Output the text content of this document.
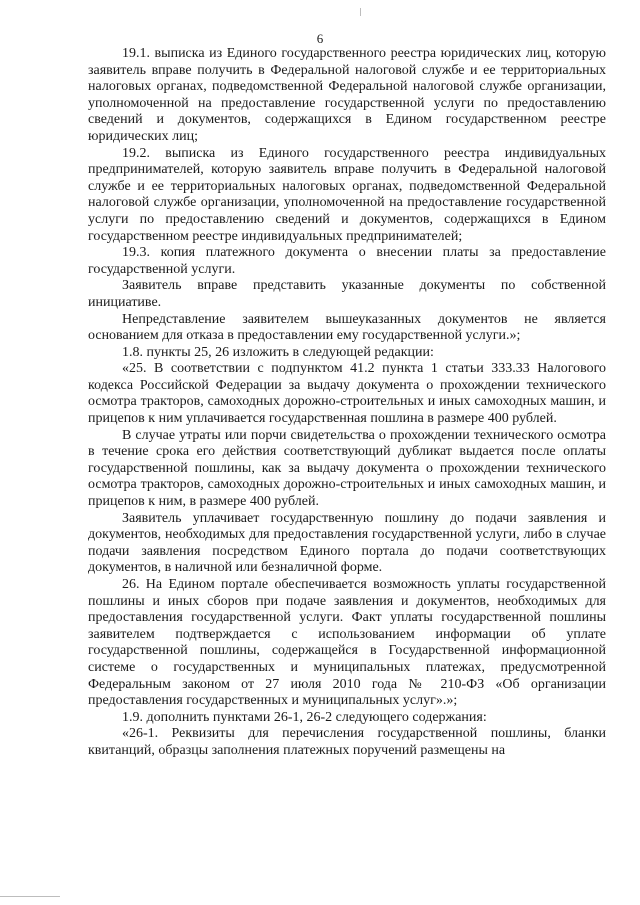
6

19.1. выписка из Единого государственного реестра юридических лиц, которую заявитель вправе получить в Федеральной налоговой службе и ее территориальных налоговых органах, подведомственной Федеральной налоговой службе организации, уполномоченной на предоставление государственной услуги по предоставлению сведений и документов, содержащихся в Едином государственном реестре юридических лиц;

19.2. выписка из Единого государственного реестра индивидуальных предпринимателей, которую заявитель вправе получить в Федеральной налоговой службе и ее территориальных налоговых органах, подведомственной Федеральной налоговой службе организации, уполномоченной на предоставление государственной услуги по предоставлению сведений и документов, содержащихся в Едином государственном реестре индивидуальных предпринимателей;

19.3. копия платежного документа о внесении платы за предоставление государственной услуги.

Заявитель вправе представить указанные документы по собственной инициативе.

Непредставление заявителем вышеуказанных документов не является основанием для отказа в предоставлении ему государственной услуги.»;

1.8. пункты 25, 26 изложить в следующей редакции:

«25. В соответствии с подпунктом 41.2 пункта 1 статьи 333.33 Налогового кодекса Российской Федерации за выдачу документа о прохождении технического осмотра тракторов, самоходных дорожно-строительных и иных самоходных машин, и прицепов к ним уплачивается государственная пошлина в размере 400 рублей.

В случае утраты или порчи свидетельства о прохождении технического осмотра в течение срока его действия соответствующий дубликат выдается после оплаты государственной пошлины, как за выдачу документа о прохождении технического осмотра тракторов, самоходных дорожно-строительных и иных самоходных машин, и прицепов к ним, в размере 400 рублей.

Заявитель уплачивает государственную пошлину до подачи заявления и документов, необходимых для предоставления государственной услуги, либо в случае подачи заявления посредством Единого портала до подачи соответствующих документов, в наличной или безналичной форме.

26. На Едином портале обеспечивается возможность уплаты государственной пошлины и иных сборов при подаче заявления и документов, необходимых для предоставления государственной услуги. Факт уплаты государственной пошлины заявителем подтверждается с использованием информации об уплате государственной пошлины, содержащейся в Государственной информационной системе о государственных и муниципальных платежах, предусмотренной Федеральным законом от 27 июля 2010 года № 210-ФЗ «Об организации предоставления государственных и муниципальных услуг».»;

1.9. дополнить пунктами 26-1, 26-2 следующего содержания:

«26-1. Реквизиты для перечисления государственной пошлины, бланки квитанций, образцы заполнения платежных поручений размещены на
